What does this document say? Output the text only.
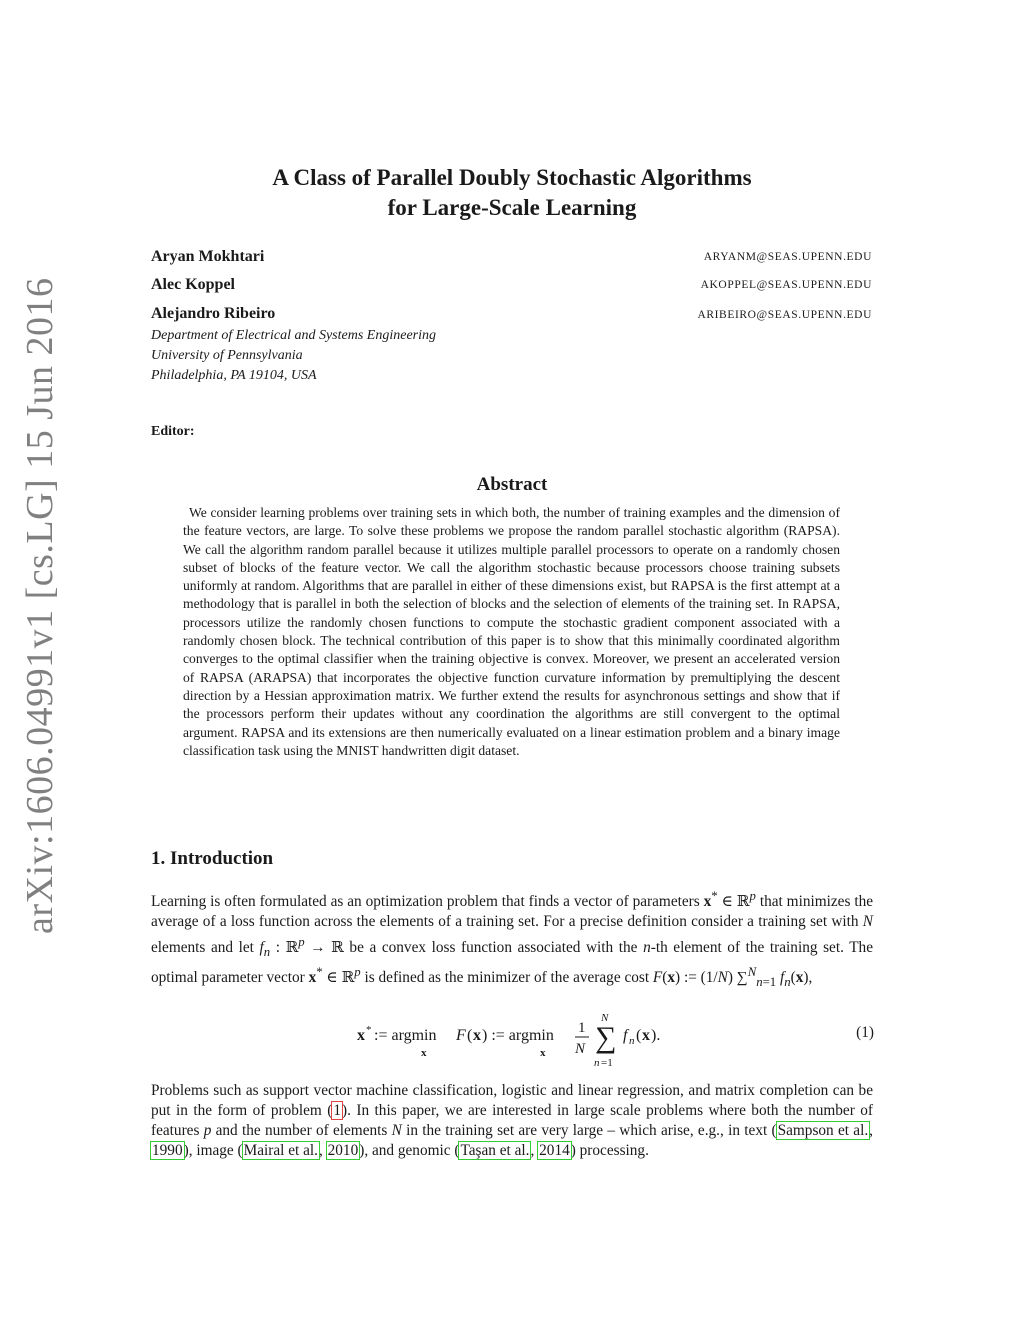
arXiv:1606.04991v1 [cs.LG] 15 Jun 2016
A Class of Parallel Doubly Stochastic Algorithms
for Large-Scale Learning
Aryan Mokhtari	ARYANM@SEAS.UPENN.EDU
Alec Koppel	AKOPPEL@SEAS.UPENN.EDU
Alejandro Ribeiro	ARIBEIRO@SEAS.UPENN.EDU
Department of Electrical and Systems Engineering
University of Pennsylvania
Philadelphia, PA 19104, USA
Editor:
Abstract
We consider learning problems over training sets in which both, the number of training examples and the dimension of the feature vectors, are large. To solve these problems we propose the random parallel stochastic algorithm (RAPSA). We call the algorithm random parallel because it utilizes multiple parallel processors to operate on a randomly chosen subset of blocks of the feature vector. We call the algorithm stochastic because processors choose training subsets uniformly at random. Algorithms that are parallel in either of these dimensions exist, but RAPSA is the first attempt at a methodology that is parallel in both the selection of blocks and the selection of elements of the training set. In RAPSA, processors utilize the randomly chosen functions to compute the stochastic gradient component associated with a randomly chosen block. The technical contribution of this paper is to show that this minimally coordinated algorithm converges to the optimal classifier when the training objective is convex. Moreover, we present an accelerated version of RAPSA (ARAPSA) that incorporates the objective function curvature information by premultiplying the descent direction by a Hessian approximation matrix. We further extend the results for asynchronous settings and show that if the processors perform their updates without any coordination the algorithms are still convergent to the optimal argument. RAPSA and its extensions are then numerically evaluated on a linear estimation problem and a binary image classification task using the MNIST handwritten digit dataset.
1. Introduction
Learning is often formulated as an optimization problem that finds a vector of parameters x* ∈ ℝ$^p$ that minimizes the average of a loss function across the elements of a training set. For a precise definition consider a training set with N elements and let $f_n$ : ℝ$^p$ → ℝ be a convex loss function associated with the n-th element of the training set. The optimal parameter vector x* ∈ ℝ$^p$ is defined as the minimizer of the average cost F(x) := (1/N) ∑$^N_{n=1}$ $f_n(x)$,
x * := argmin
x
F ( x ) := argmin
x
1
N ∑
N
n =1
f n ( x ).	(1)
Problems such as support vector machine classification, logistic and linear regression, and matrix completion can be put in the form of problem (1). In this paper, we are interested in large scale problems where both the number of features p and the number of elements N in the training set are very large – which arise, e.g., in text (Sampson et al., 1990), image (Mairal et al., 2010), and genomic (Taşan et al., 2014) processing.
